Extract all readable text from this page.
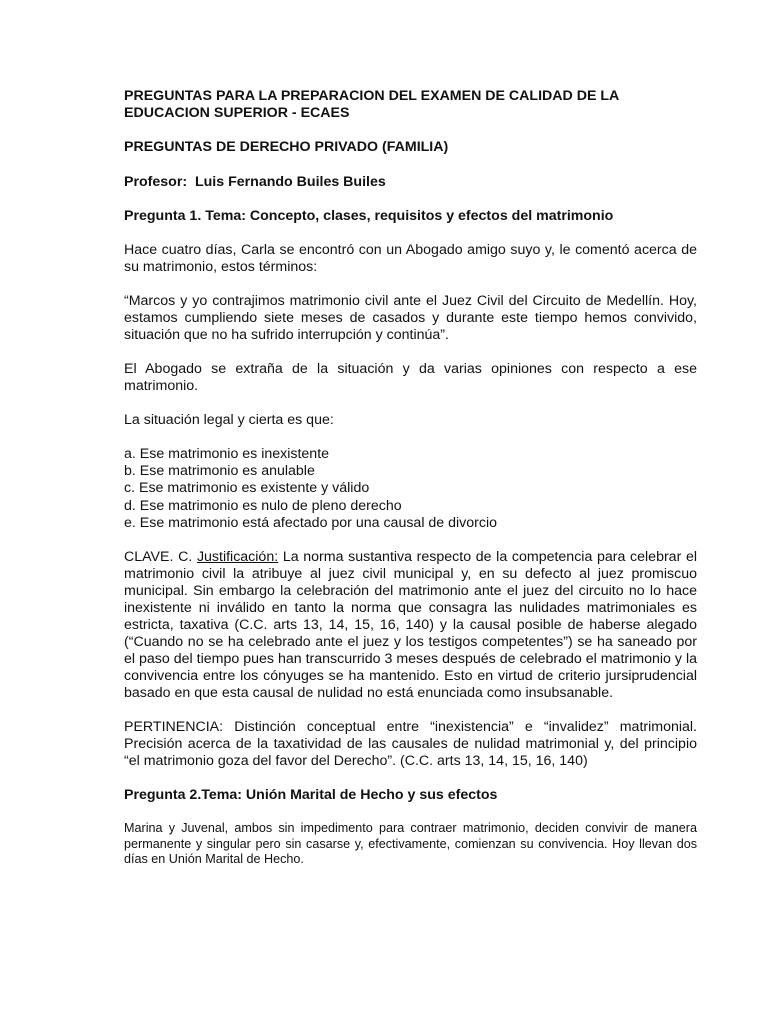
PREGUNTAS PARA LA PREPARACION DEL EXAMEN DE CALIDAD DE LA EDUCACION SUPERIOR - ECAES

PREGUNTAS DE DERECHO PRIVADO (FAMILIA)

Profesor: Luis Fernando Builes Builes

Pregunta 1. Tema: Concepto, clases, requisitos y efectos del matrimonio

Hace cuatro días, Carla se encontró con un Abogado amigo suyo y, le comentó acerca de su matrimonio, estos términos:

“Marcos y yo contrajimos matrimonio civil ante el Juez Civil del Circuito de Medellín. Hoy, estamos cumpliendo siete meses de casados y durante este tiempo hemos convivido, situación que no ha sufrido interrupción y continúa”.

El Abogado se extraña de la situación y da varias opiniones con respecto a ese matrimonio.

La situación legal y cierta es que:

a. Ese matrimonio es inexistente
b. Ese matrimonio es anulable
c. Ese matrimonio es existente y válido
d. Ese matrimonio es nulo de pleno derecho
e. Ese matrimonio está afectado por una causal de divorcio

CLAVE. C. Justificación: La norma sustantiva respecto de la competencia para celebrar el matrimonio civil la atribuye al juez civil municipal y, en su defecto al juez promiscuo municipal. Sin embargo la celebración del matrimonio ante el juez del circuito no lo hace inexistente ni inválido en tanto la norma que consagra las nulidades matrimoniales es estricta, taxativa (C.C. arts 13, 14, 15, 16, 140) y la causal posible de haberse alegado (“Cuando no se ha celebrado ante el juez y los testigos competentes”) se ha saneado por el paso del tiempo pues han transcurrido 3 meses después de celebrado el matrimonio y la convivencia entre los cónyuges se ha mantenido. Esto en virtud de criterio jursiprudencial basado en que esta causal de nulidad no está enunciada como insubsanable.

PERTINENCIA: Distinción conceptual entre “inexistencia” e “invalidez” matrimonial. Precisión acerca de la taxatividad de las causales de nulidad matrimonial y, del principio “el matrimonio goza del favor del Derecho”. (C.C. arts 13, 14, 15, 16, 140)

Pregunta 2.Tema: Unión Marital de Hecho y sus efectos

Marina y Juvenal, ambos sin impedimento para contraer matrimonio, deciden convivir de manera permanente y singular pero sin casarse y, efectivamente, comienzan su convivencia. Hoy llevan dos días en Unión Marital de Hecho.
